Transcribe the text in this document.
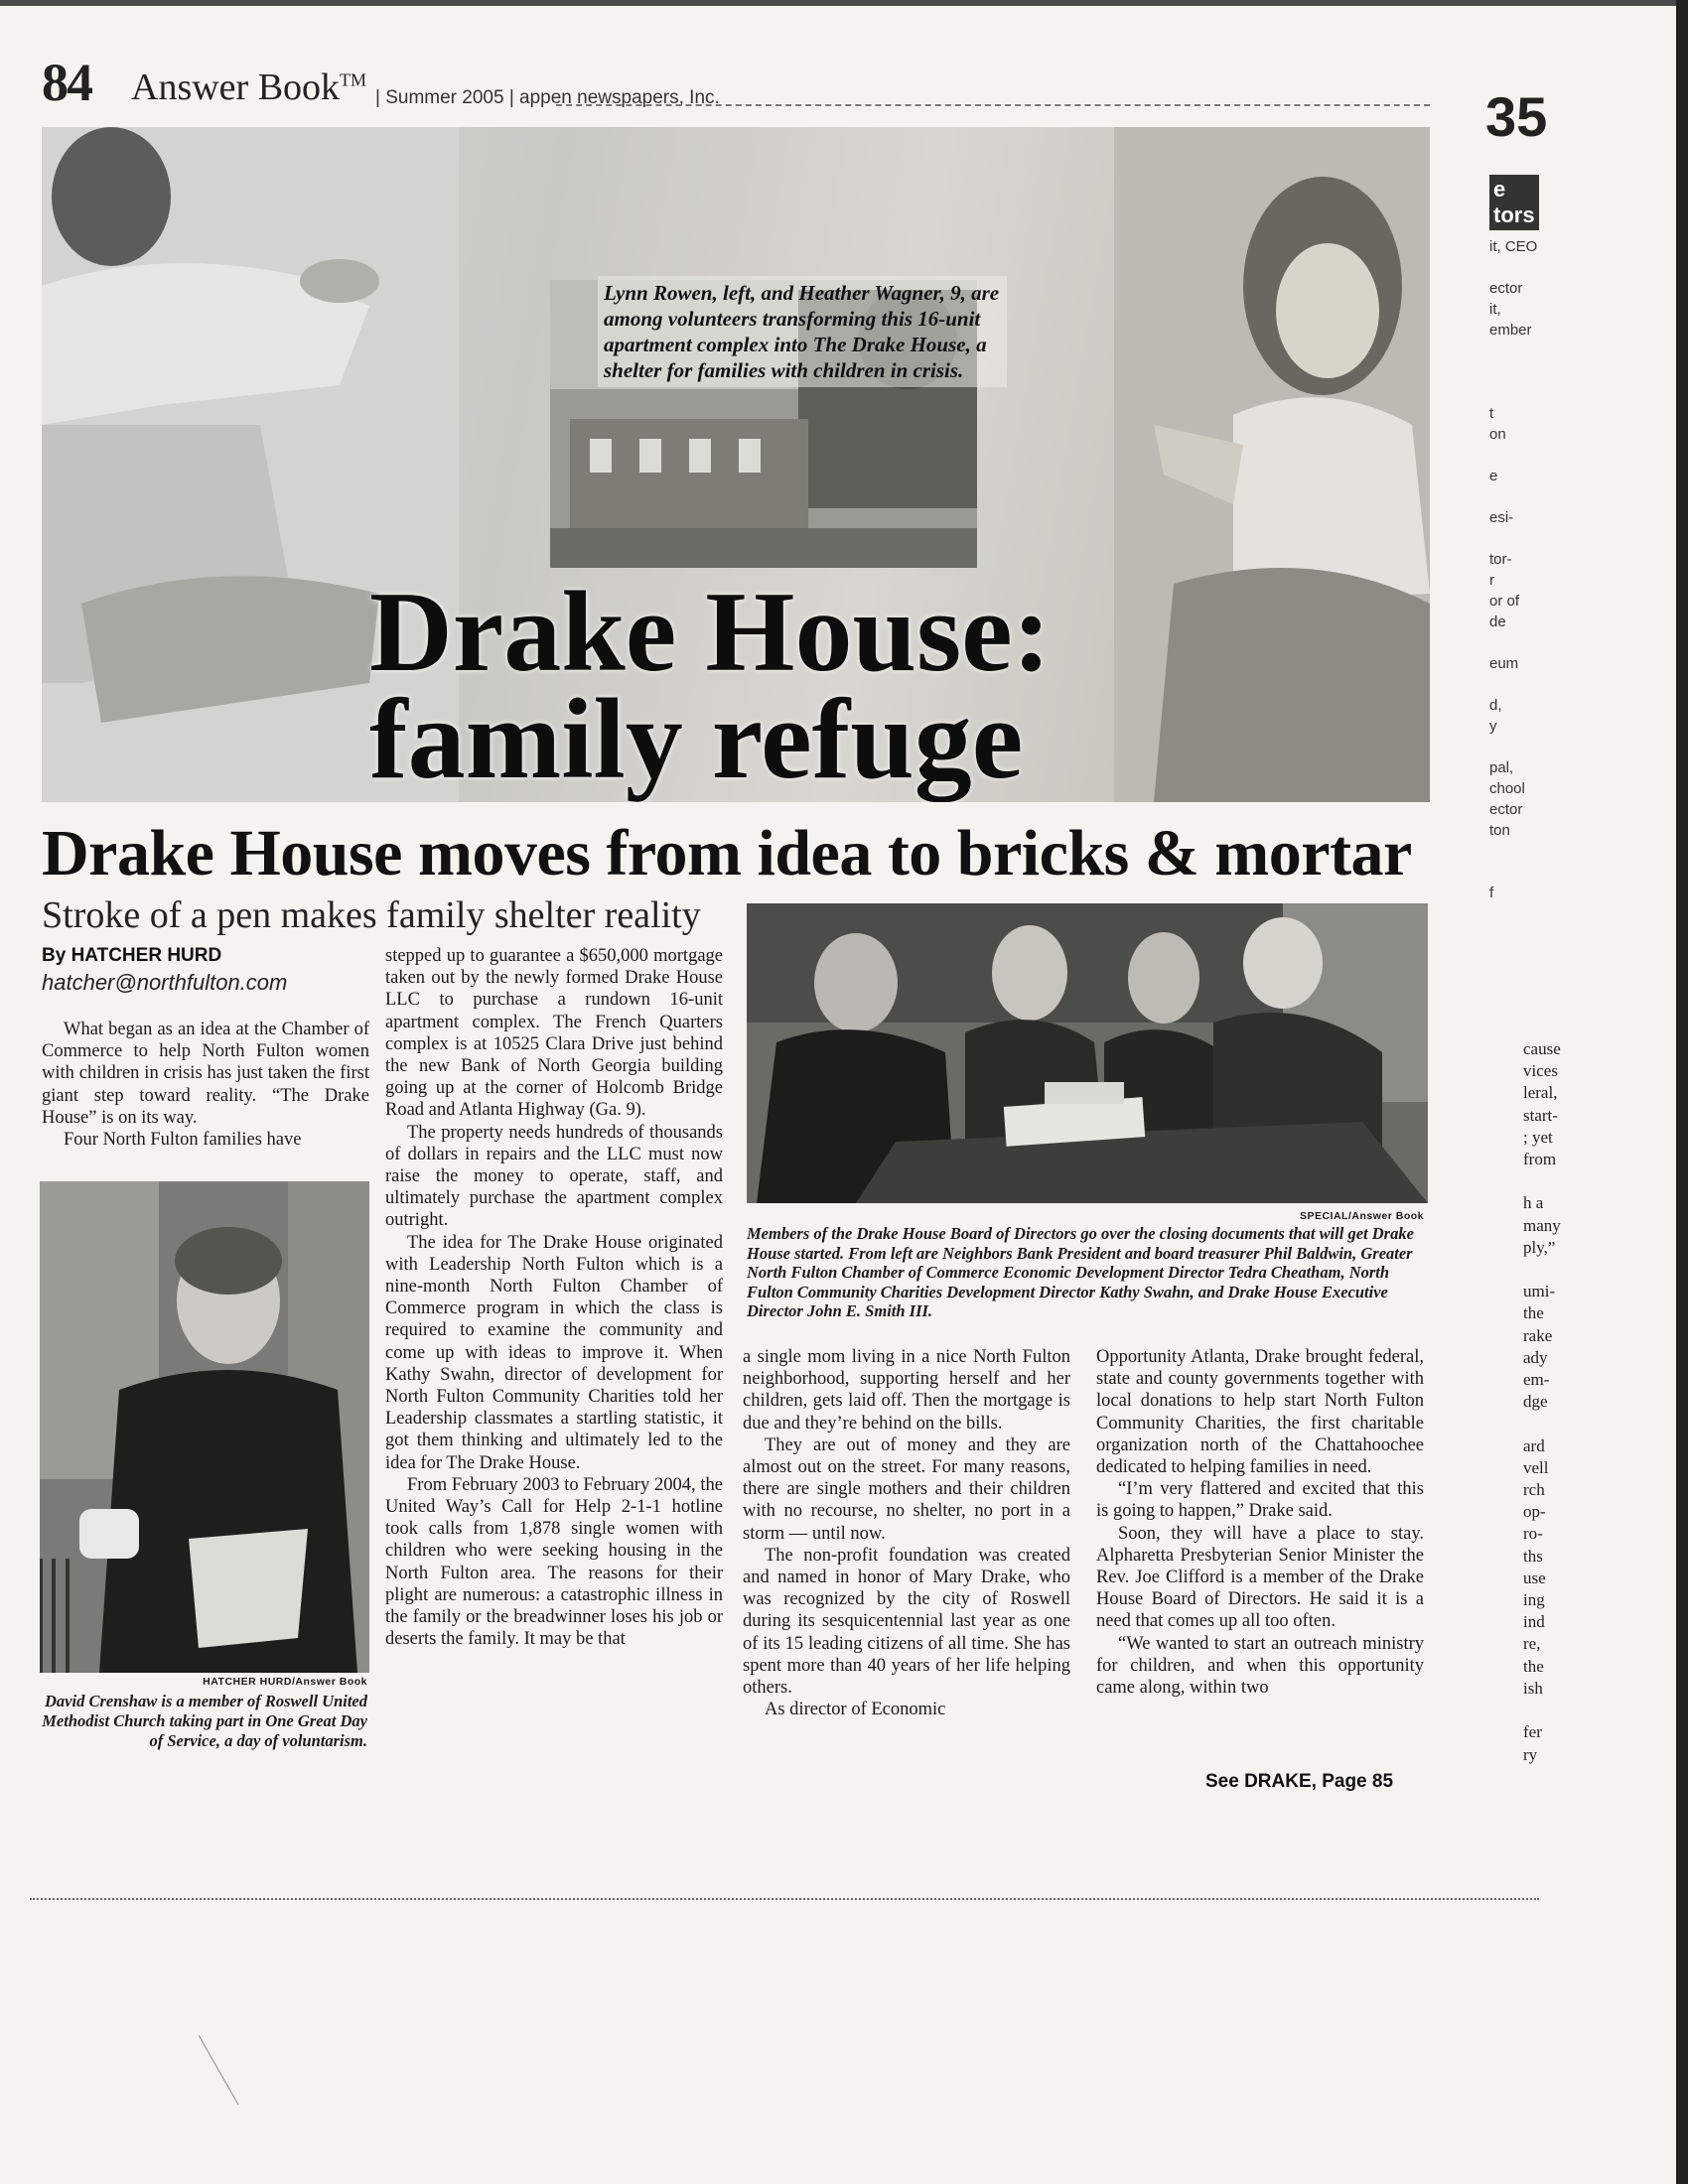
84 Answer Book™
| Summer 2005 | appen newspapers, Inc.
Lynn Rowen, left, and Heather Wagner, 9, are among volunteers transforming this 16-unit apartment complex into The Drake House, a shelter for families with children in crisis.
Drake House:
family refuge
Drake House moves from idea to bricks & mortar
Stroke of a pen makes family shelter reality
By HATCHER HURD
hatcher@northfulton.com

What began as an idea at the Chamber of Commerce to help North Fulton women with children in crisis has just taken the first giant step toward reality. “The Drake House” is on its way.

Four North Fulton families have

HATCHER HURD/Answer Book
David Crenshaw is a member of Roswell United Methodist Church taking part in One Great Day of Service, a day of voluntarism.

stepped up to guarantee a $650,000 mortgage taken out by the newly formed Drake House LLC to purchase a rundown 16-unit apartment complex. The French Quarters complex is at 10525 Clara Drive just behind the new Bank of North Georgia building going up at the corner of Holcomb Bridge Road and Atlanta Highway (Ga. 9).

The property needs hundreds of thousands of dollars in repairs and the LLC must now raise the money to operate, staff, and ultimately purchase the apartment complex outright.

The idea for The Drake House originated with Leadership North Fulton which is a nine-month North Fulton Chamber of Commerce program in which the class is required to examine the community and come up with ideas to improve it. When Kathy Swahn, director of development for North Fulton Community Charities told her Leadership classmates a startling statistic, it got them thinking and ultimately led to the idea for The Drake House.

From February 2003 to February 2004, the United Way’s Call for Help 2-1-1 hotline took calls from 1,878 single women with children who were seeking housing in the North Fulton area. The reasons for their plight are numerous: a catastrophic illness in the family or the breadwinner loses his job or deserts the family. It may be that

SPECIAL/Answer Book
Members of the Drake House Board of Directors go over the closing documents that will get Drake House started. From left are Neighbors Bank President and board treasurer Phil Baldwin, Greater North Fulton Chamber of Commerce Economic Development Director Tedra Cheatham, North Fulton Community Charities Development Director Kathy Swahn, and Drake House Executive Director John E. Smith III.

a single mom living in a nice North Fulton neighborhood, supporting herself and her children, gets laid off. Then the mortgage is due and they’re behind on the bills.

They are out of money and they are almost out on the street. For many reasons, there are single mothers and their children with no recourse, no shelter, no port in a storm — until now.

The non-profit foundation was created and named in honor of Mary Drake, who was recognized by the city of Roswell during its sesquicentennial last year as one of its 15 leading citizens of all time. She has spent more than 40 years of her life helping others.

As director of Economic

Opportunity Atlanta, Drake brought federal, state and county governments together with local donations to help start North Fulton Community Charities, the first charitable organization north of the Chattahoochee dedicated to helping families in need.

“I’m very flattered and excited that this is going to happen,” Drake said.

Soon, they will have a place to stay. Alpharetta Presbyterian Senior Minister the Rev. Joe Clifford is a member of the Drake House Board of Directors. He said it is a need that comes up all too often.

“We wanted to start an outreach ministry for children, and when this opportunity came along, within two

See DRAKE, Page 85
35
e
tors
it, CEO

ector
it,
ember

t
on

e

esi-

tor-
r
or of
de

eum

d,
y

pal,
chool
ector
ton

f
cause
vices
leral,
start-
; yet
from

h a
many
ply,”

umi-
the
rake
ady
em-
dge

ard
vell
rch
op-
ro-
ths
use
ing
ind
re,
the
ish

fer
ry
